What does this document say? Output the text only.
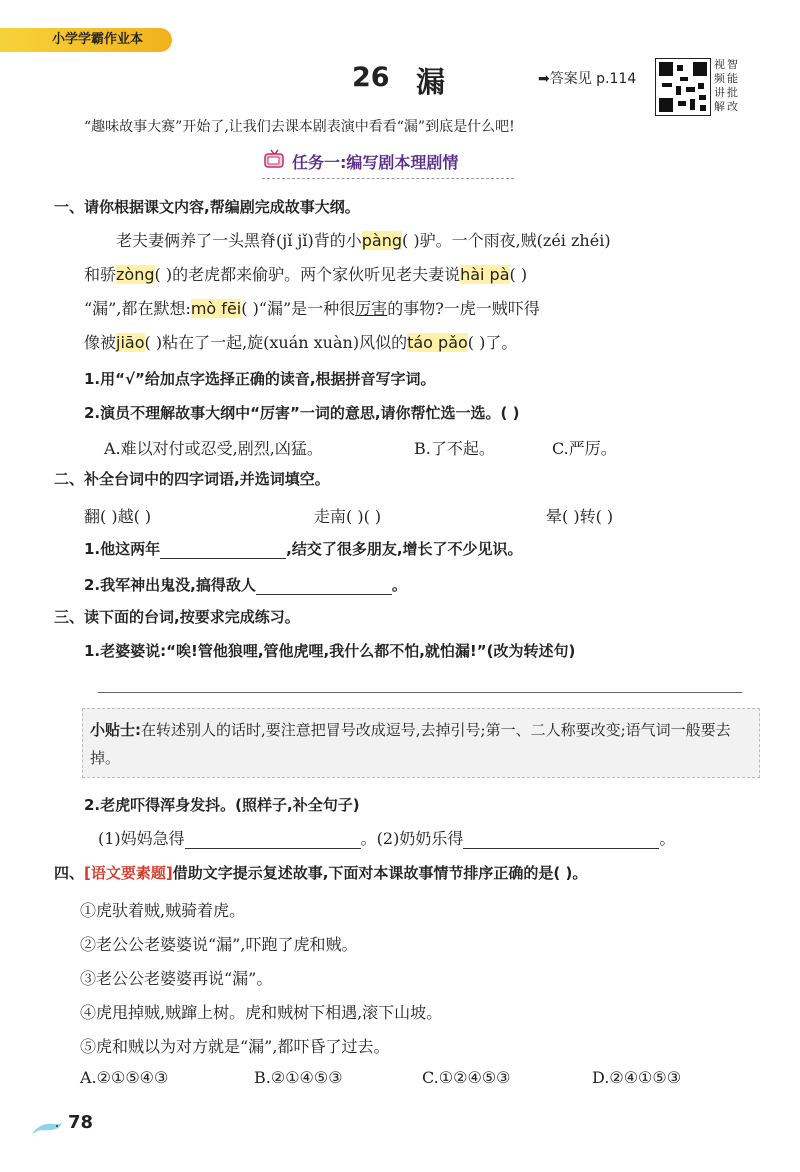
小学学霸作业本
26 漏	➡答案见 p.114
视
频
讲
解
智
能
批
改
“趣味故事大赛”开始了,让我们去课本剧表演中看看“漏”到底是什么吧!
任务一:编写剧本理剧情
一、请你根据课文内容,帮编剧完成故事大纲。
老夫妻俩养了一头黑脊(jǐ jǐ)背的小pàng( )驴。一个雨夜,贼(zéi zhéi)
和骄zòng( )的老虎都来偷驴。两个家伙听见老夫妻说hài pà( )
“漏”,都在默想:mò fēi( )“漏”是一种很厉害的事物?一虎一贼吓得
像被jiāo( )粘在了一起,旋(xuán xuàn)风似的táo pǎo( )了。
1.用“√”给加点字选择正确的读音,根据拼音写字词。
2.演员不理解故事大纲中“厉害”一词的意思,请你帮忙选一选。( )
A.难以对付或忍受,剧烈,凶猛。	B.了不起。	C.严厉。
二、补全台词中的四字词语,并选词填空。
翻( )越( )	走南( )( )	晕( )转( )
1.他这两年	,结交了很多朋友,增长了不少见识。
2.我军神出鬼没,搞得敌人	。
三、读下面的台词,按要求完成练习。
1.老婆婆说:“唉!管他狼哩,管他虎哩,我什么都不怕,就怕漏!”(改为转述句)
小贴士:在转述别人的话时,要注意把冒号改成逗号,去掉引号;第一、二人称要改变;语气词一般要去掉。
2.老虎吓得浑身发抖。(照样子,补全句子)
(1)妈妈急得	。(2)奶奶乐得	。
四、[语文要素题]借助文字提示复述故事,下面对本课故事情节排序正确的是( )。
①虎驮着贼,贼骑着虎。
②老公公老婆婆说“漏”,吓跑了虎和贼。
③老公公老婆婆再说“漏”。
④虎甩掉贼,贼蹿上树。虎和贼树下相遇,滚下山坡。
⑤虎和贼以为对方就是“漏”,都吓昏了过去。
A.②①⑤④③	B.②①④⑤③	C.①②④⑤③	D.②④①⑤③
78
